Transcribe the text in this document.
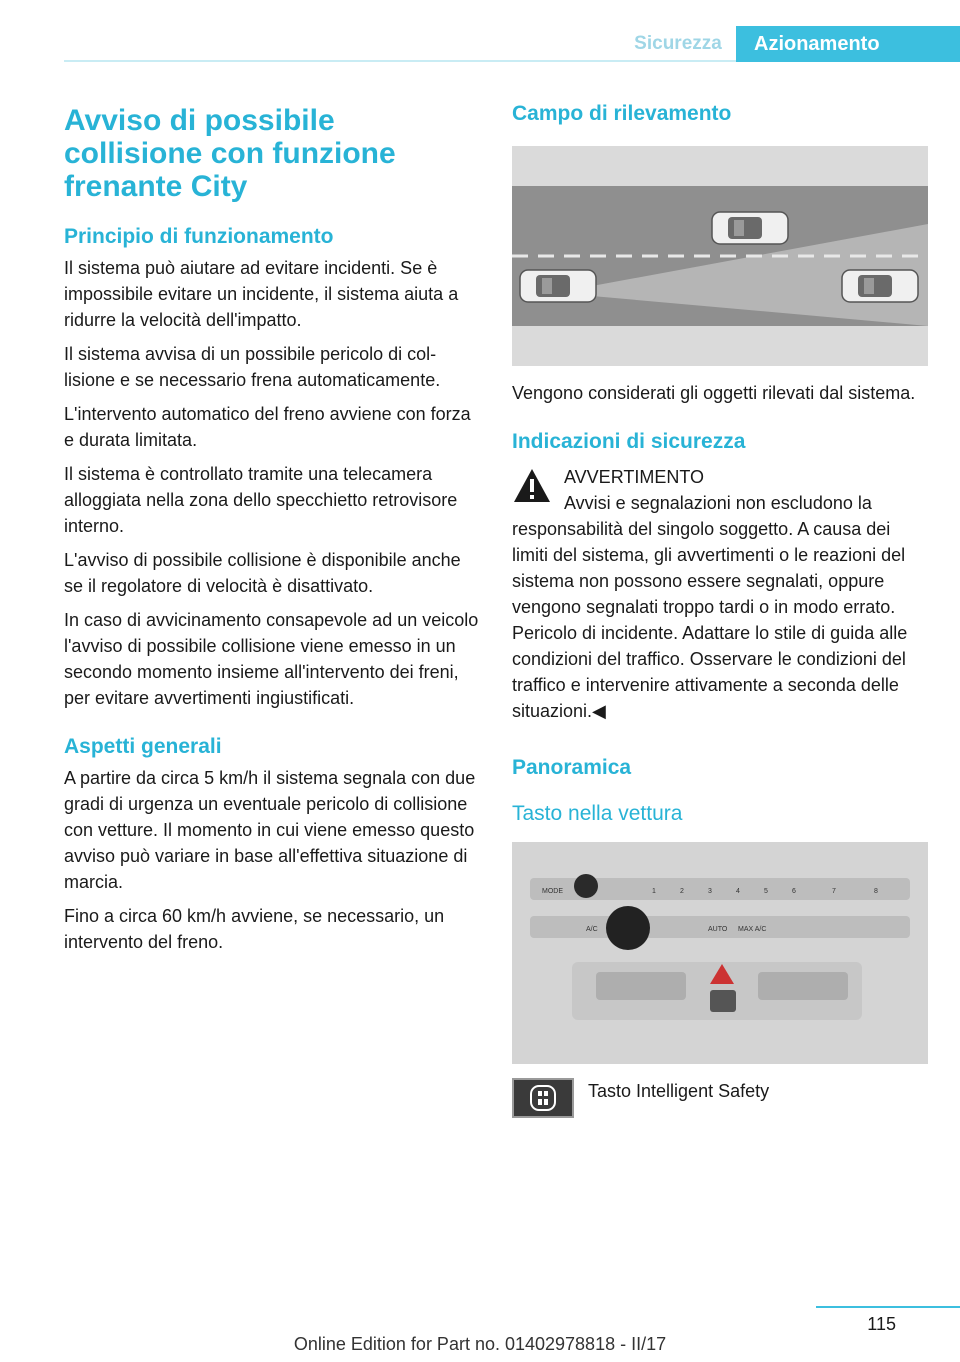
Sicurezza	Azionamento
Avviso di possibile collisione con funzione frenante City
Principio di funzionamento

Il sistema può aiutare ad evitare incidenti. Se è impossibile evitare un incidente, il sistema aiuta a ridurre la velocità dell'impatto.

Il sistema avvisa di un possibile pericolo di collisione e se necessario frena automaticamente.

L'intervento automatico del freno avviene con forza e durata limitata.

Il sistema è controllato tramite una telecamera alloggiata nella zona dello specchietto retrovisore interno.

L'avviso di possibile collisione è disponibile anche se il regolatore di velocità è disattivato.

In caso di avvicinamento consapevole ad un veicolo l'avviso di possibile collisione viene emesso in un secondo momento insieme all'intervento dei freni, per evitare avvertimenti ingiustificati.

Aspetti generali

A partire da circa 5 km/h il sistema segnala con due gradi di urgenza un eventuale pericolo di collisione con vetture. Il momento in cui viene emesso questo avviso può variare in base all'effettiva situazione di marcia.

Fino a circa 60 km/h avviene, se necessario, un intervento del freno.

Campo di rilevamento
Vengono considerati gli oggetti rilevati dal sistema.
Indicazioni di sicurezza

AVVERTIMENTO

Avvisi e segnalazioni non escludono la

responsabilità del singolo soggetto. A causa dei limiti del sistema, gli avvertimenti o le reazioni del sistema non possono essere segnalati, oppure vengono segnalati troppo tardi o in modo errato. Pericolo di incidente. Adattare lo stile di guida alle condizioni del traffico. Osservare le condizioni del traffico e intervenire attivamente a seconda delle situazioni.◀

Panoramica
Tasto nella vettura
MODE	1	2	3	4	5	6	7	8
A/C	AUTO MAX A/C
Tasto Intelligent Safety
115
Online Edition for Part no. 01402978818 - II/17
